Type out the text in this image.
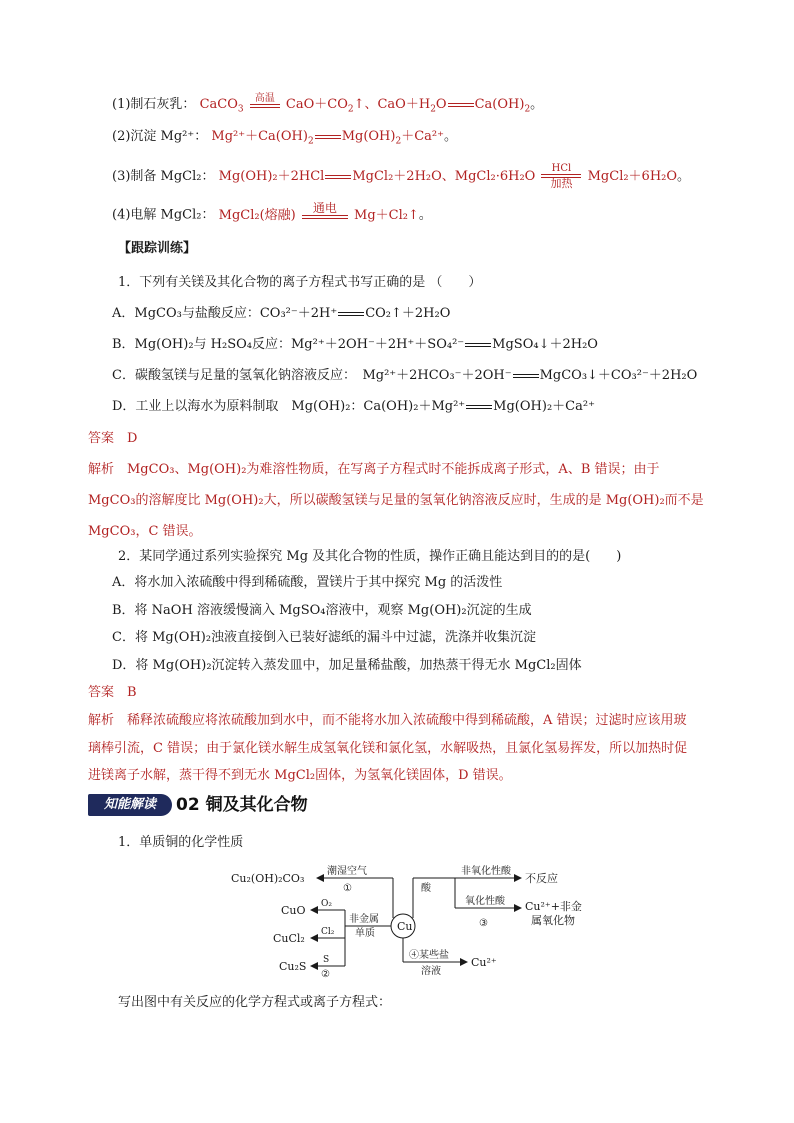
(1)制石灰乳： CaCO$_3$
高温 $CaO+CO_2↑$、$CaO+H_2O$ $Ca(OH)_2$。
(2)沉淀 Mg²⁺： $Mg^{2+}+Ca(OH)_2$ $Mg(OH)_2+Ca^{2+}$。
(3)制备 MgCl₂： Mg(OH)₂＋2HCl MgCl₂＋2H₂O、MgCl₂·6H₂O
HCl
加热	MgCl₂＋6H₂O。
(4)电解 MgCl₂： MgCl₂(熔融)	通电	Mg＋Cl₂↑。
【跟踪训练】
1．下列有关镁及其化合物的离子方程式书写正确的是 （　　）
A．MgCO₃与盐酸反应：CO₃²⁻＋2H⁺ CO₂↑＋2H₂O
B．Mg(OH)₂与 H₂SO₄反应：Mg²⁺＋2OH⁻＋2H⁺＋SO₄²⁻ MgSO₄↓＋2H₂O
C．碳酸氢镁与足量的氢氧化钠溶液反应：　Mg²⁺＋2HCO₃⁻＋2OH⁻ MgCO₃↓＋CO₃²⁻＋2H₂O
D．工业上以海水为原料制取　Mg(OH)₂：Ca(OH)₂＋Mg²⁺ Mg(OH)₂＋Ca²⁺
答案　D
解析　MgCO₃、Mg(OH)₂为难溶性物质，在写离子方程式时不能拆成离子形式，A、B 错误；由于
MgCO₃的溶解度比 Mg(OH)₂大，所以碳酸氢镁与足量的氢氧化钠溶液反应时，生成的是 Mg(OH)₂而不是
MgCO₃，C 错误。
2．某同学通过系列实验探究 Mg 及其化合物的性质，操作正确且能达到目的的是(　　)
A．将水加入浓硫酸中得到稀硫酸，置镁片于其中探究 Mg 的活泼性
B．将 NaOH 溶液缓慢滴入 MgSO₄溶液中，观察 Mg(OH)₂沉淀的生成
C．将 Mg(OH)₂浊液直接倒入已装好滤纸的漏斗中过滤，洗涤并收集沉淀
D．将 Mg(OH)₂沉淀转入蒸发皿中，加足量稀盐酸，加热蒸干得无水 MgCl₂固体
答案　B
解析　稀释浓硫酸应将浓硫酸加到水中，而不能将水加入浓硫酸中得到稀硫酸，A 错误；过滤时应该用玻
璃棒引流，C 错误；由于氯化镁水解生成氢氧化镁和氯化氢，水解吸热，且氯化氢易挥发，所以加热时促
进镁离子水解，蒸干得不到无水 MgCl₂固体，为氢氧化镁固体，D 错误。
知能解读	02 铜及其化合物
1．单质铜的化学性质
Cu
Cu₂(OH)₂CO₃
潮湿空气
①
CuO O₂
非金属
单质
CuCl₂ Cl₂
Cu₂S S
②
酸
非氧化性酸
不反应
氧化性酸
③
Cu²⁺+非金
属氧化物
④某些盐
溶液
Cu²⁺
写出图中有关反应的化学方程式或离子方程式：
